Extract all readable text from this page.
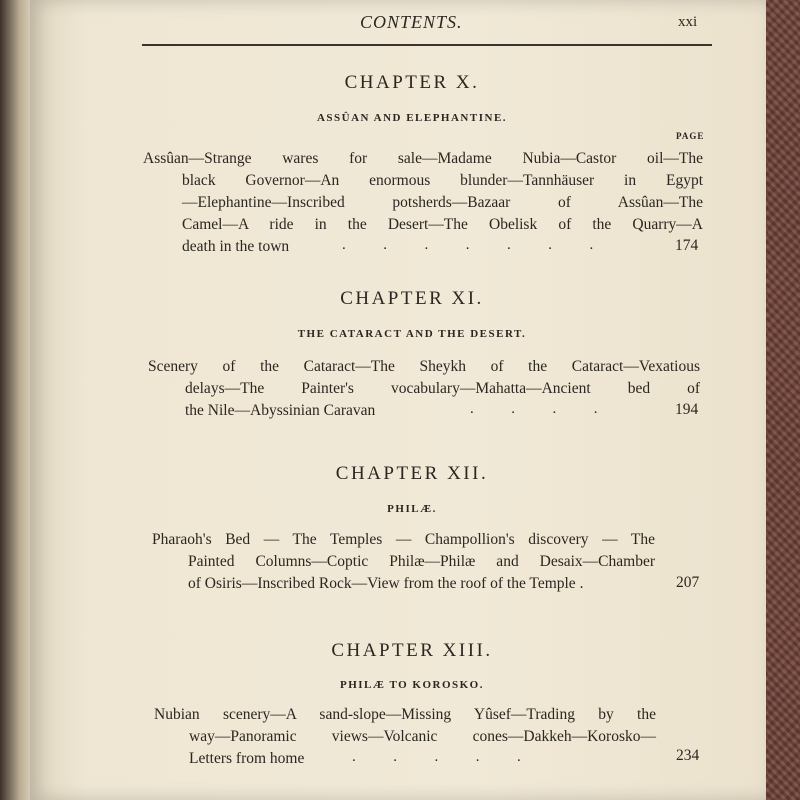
CONTENTS.	xxi
CHAPTER X.
ASSÛAN AND ELEPHANTINE.
PAGE
Assûan—Strange wares for sale—Madame Nubia—Castor oil—The
black Governor—An enormous blunder—Tannhäuser in Egypt
—Elephantine—Inscribed potsherds—Bazaar of Assûan—The
Camel—A ride in the Desert—The Obelisk of the Quarry—A
death in the town	.          .          .          .          .          .          .	174
CHAPTER XI.
THE CATARACT AND THE DESERT.
Scenery of the Cataract—The Sheykh of the Cataract—Vexatious
delays—The Painter's vocabulary—Mahatta—Ancient bed of
the Nile—Abyssinian Caravan	.          .          .          .	194
CHAPTER XII.
PHILÆ.
Pharaoh's Bed — The Temples — Champollion's discovery — The
Painted Columns—Coptic Philæ—Philæ and Desaix—Chamber
of Osiris—Inscribed Rock—View from the roof of the Temple .	207
CHAPTER XIII.
PHILÆ TO KOROSKO.
Nubian scenery—A sand-slope—Missing Yûsef—Trading by the
way—Panoramic views—Volcanic cones—Dakkeh—Korosko—
Letters from home	.          .          .          .          .	234
